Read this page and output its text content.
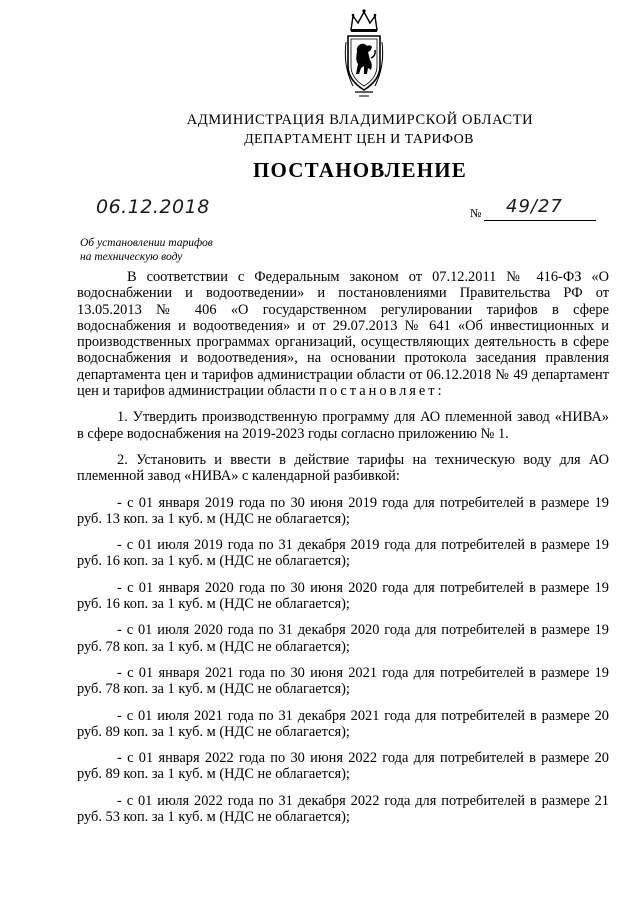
АДМИНИСТРАЦИЯ ВЛАДИМИРСКОЙ ОБЛАСТИ
ДЕПАРТАМЕНТ ЦЕН И ТАРИФОВ
ПОСТАНОВЛЕНИЕ
06.12.2018	№ 49/27
Об установлении тарифов
на техническую воду

В соответствии с Федеральным законом от 07.12.2011 № 416-ФЗ «О водоснабжении и водоотведении» и постановлениями Правительства РФ от 13.05.2013 № 406 «О государственном регулировании тарифов в сфере водоснабжения и водоотведения» и от 29.07.2013 № 641 «Об инвестиционных и производственных программах организаций, осуществляющих деятельность в сфере водоснабжения и водоотведения», на основании протокола заседания правления департамента цен и тарифов администрации области от 06.12.2018 № 49 департамент цен и тарифов администрации области постановляет:

1. Утвердить производственную программу для АО племенной завод «НИВА» в сфере водоснабжения на 2019-2023 годы согласно приложению № 1.

2. Установить и ввести в действие тарифы на техническую воду для АО племенной завод «НИВА» с календарной разбивкой:

- с 01 января 2019 года по 30 июня 2019 года для потребителей в размере 19 руб. 13 коп. за 1 куб. м (НДС не облагается);

- с 01 июля 2019 года по 31 декабря 2019 года для потребителей в размере 19 руб. 16 коп. за 1 куб. м (НДС не облагается);

- с 01 января 2020 года по 30 июня 2020 года для потребителей в размере 19 руб. 16 коп. за 1 куб. м (НДС не облагается);

- с 01 июля 2020 года по 31 декабря 2020 года для потребителей в размере 19 руб. 78 коп. за 1 куб. м (НДС не облагается);

- с 01 января 2021 года по 30 июня 2021 года для потребителей в размере 19 руб. 78 коп. за 1 куб. м (НДС не облагается);

- с 01 июля 2021 года по 31 декабря 2021 года для потребителей в размере 20 руб. 89 коп. за 1 куб. м (НДС не облагается);

- с 01 января 2022 года по 30 июня 2022 года для потребителей в размере 20 руб. 89 коп. за 1 куб. м (НДС не облагается);

- с 01 июля 2022 года по 31 декабря 2022 года для потребителей в размере 21 руб. 53 коп. за 1 куб. м (НДС не облагается);
